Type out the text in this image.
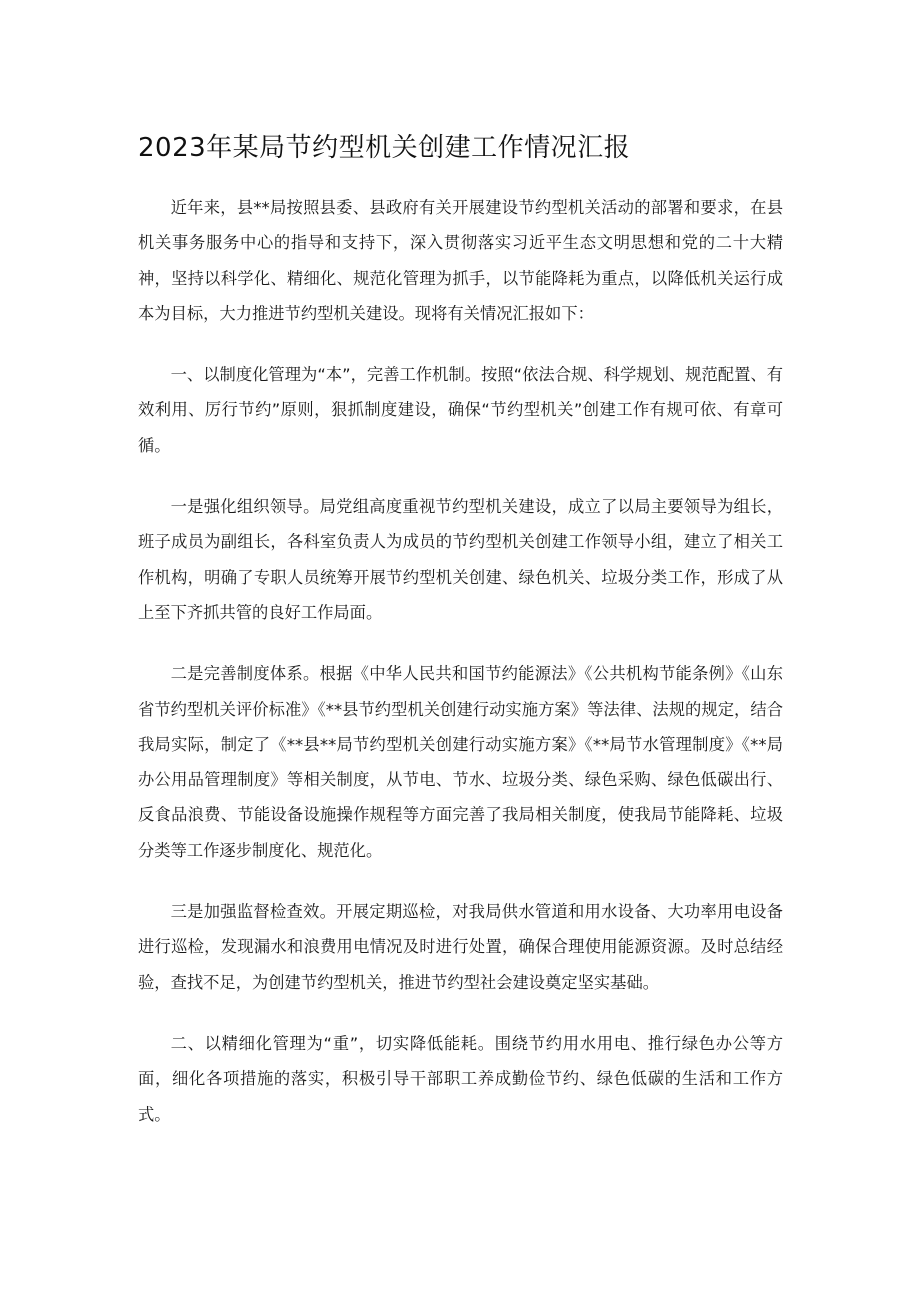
2023年某局节约型机关创建工作情况汇报

近年来，县**局按照县委、县政府有关开展建设节约型机关活动的部署和要求，在县机关事务服务中心的指导和支持下，深入贯彻落实习近平生态文明思想和党的二十大精神，坚持以科学化、精细化、规范化管理为抓手，以节能降耗为重点，以降低机关运行成本为目标，大力推进节约型机关建设。现将有关情况汇报如下：

一、以制度化管理为“本”，完善工作机制。按照“依法合规、科学规划、规范配置、有效利用、厉行节约”原则，狠抓制度建设，确保“节约型机关”创建工作有规可依、有章可循。

一是强化组织领导。局党组高度重视节约型机关建设，成立了以局主要领导为组长，班子成员为副组长，各科室负责人为成员的节约型机关创建工作领导小组，建立了相关工作机构，明确了专职人员统筹开展节约型机关创建、绿色机关、垃圾分类工作，形成了从上至下齐抓共管的良好工作局面。

二是完善制度体系。根据《中华人民共和国节约能源法》《公共机构节能条例》《山东省节约型机关评价标准》《**县节约型机关创建行动实施方案》等法律、法规的规定，结合我局实际，制定了《**县**局节约型机关创建行动实施方案》《**局节水管理制度》《**局办公用品管理制度》等相关制度，从节电、节水、垃圾分类、绿色采购、绿色低碳出行、反食品浪费、节能设备设施操作规程等方面完善了我局相关制度，使我局节能降耗、垃圾分类等工作逐步制度化、规范化。

三是加强监督检查效。开展定期巡检，对我局供水管道和用水设备、大功率用电设备进行巡检，发现漏水和浪费用电情况及时进行处置，确保合理使用能源资源。及时总结经验，查找不足，为创建节约型机关，推进节约型社会建设奠定坚实基础。

二、以精细化管理为“重”，切实降低能耗。围绕节约用水用电、推行绿色办公等方面，细化各项措施的落实，积极引导干部职工养成勤俭节约、绿色低碳的生活和工作方式。
